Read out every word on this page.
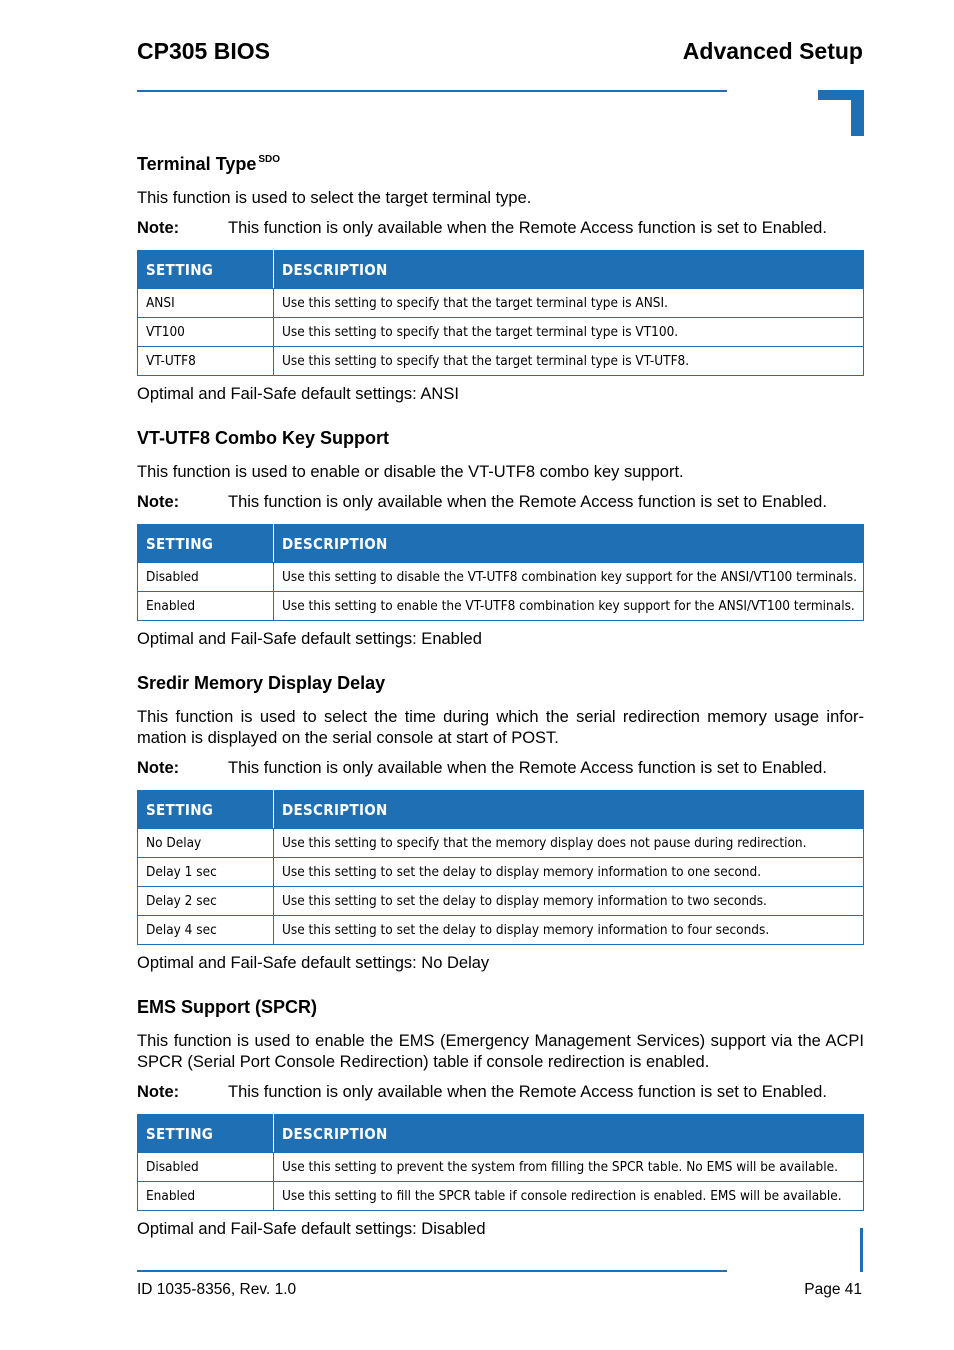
CP305 BIOS	Advanced Setup
Terminal Type $^{SDO}$

This function is used to select the target terminal type.

Note:	This function is only available when the Remote Access function is set to Enabled.
SETTING	DESCRIPTION
ANSI	Use this setting to specify that the target terminal type is ANSI.
VT100	Use this setting to specify that the target terminal type is VT100.
VT-UTF8	Use this setting to specify that the target terminal type is VT-UTF8.

Optimal and Fail-Safe default settings: ANSI

VT-UTF8 Combo Key Support

This function is used to enable or disable the VT-UTF8 combo key support.

Note:	This function is only available when the Remote Access function is set to Enabled.
SETTING	DESCRIPTION
Disabled	Use this setting to disable the VT-UTF8 combination key support for the ANSI/VT100 terminals.
Enabled	Use this setting to enable the VT-UTF8 combination key support for the ANSI/VT100 terminals.

Optimal and Fail-Safe default settings: Enabled

Sredir Memory Display Delay

This function is used to select the time during which the serial redirection memory usage infor-mation is displayed on the serial console at start of POST.

Note:	This function is only available when the Remote Access function is set to Enabled.
SETTING	DESCRIPTION
No Delay	Use this setting to specify that the memory display does not pause during redirection.
Delay 1 sec	Use this setting to set the delay to display memory information to one second.
Delay 2 sec	Use this setting to set the delay to display memory information to two seconds.
Delay 4 sec	Use this setting to set the delay to display memory information to four seconds.

Optimal and Fail-Safe default settings: No Delay

EMS Support (SPCR)

This function is used to enable the EMS (Emergency Management Services) support via the ACPI SPCR (Serial Port Console Redirection) table if console redirection is enabled.

Note:	This function is only available when the Remote Access function is set to Enabled.
SETTING	DESCRIPTION
Disabled	Use this setting to prevent the system from filling the SPCR table. No EMS will be available.
Enabled	Use this setting to fill the SPCR table if console redirection is enabled. EMS will be available.

Optimal and Fail-Safe default settings: Disabled

ID 1035-8356, Rev. 1.0	Page 41
